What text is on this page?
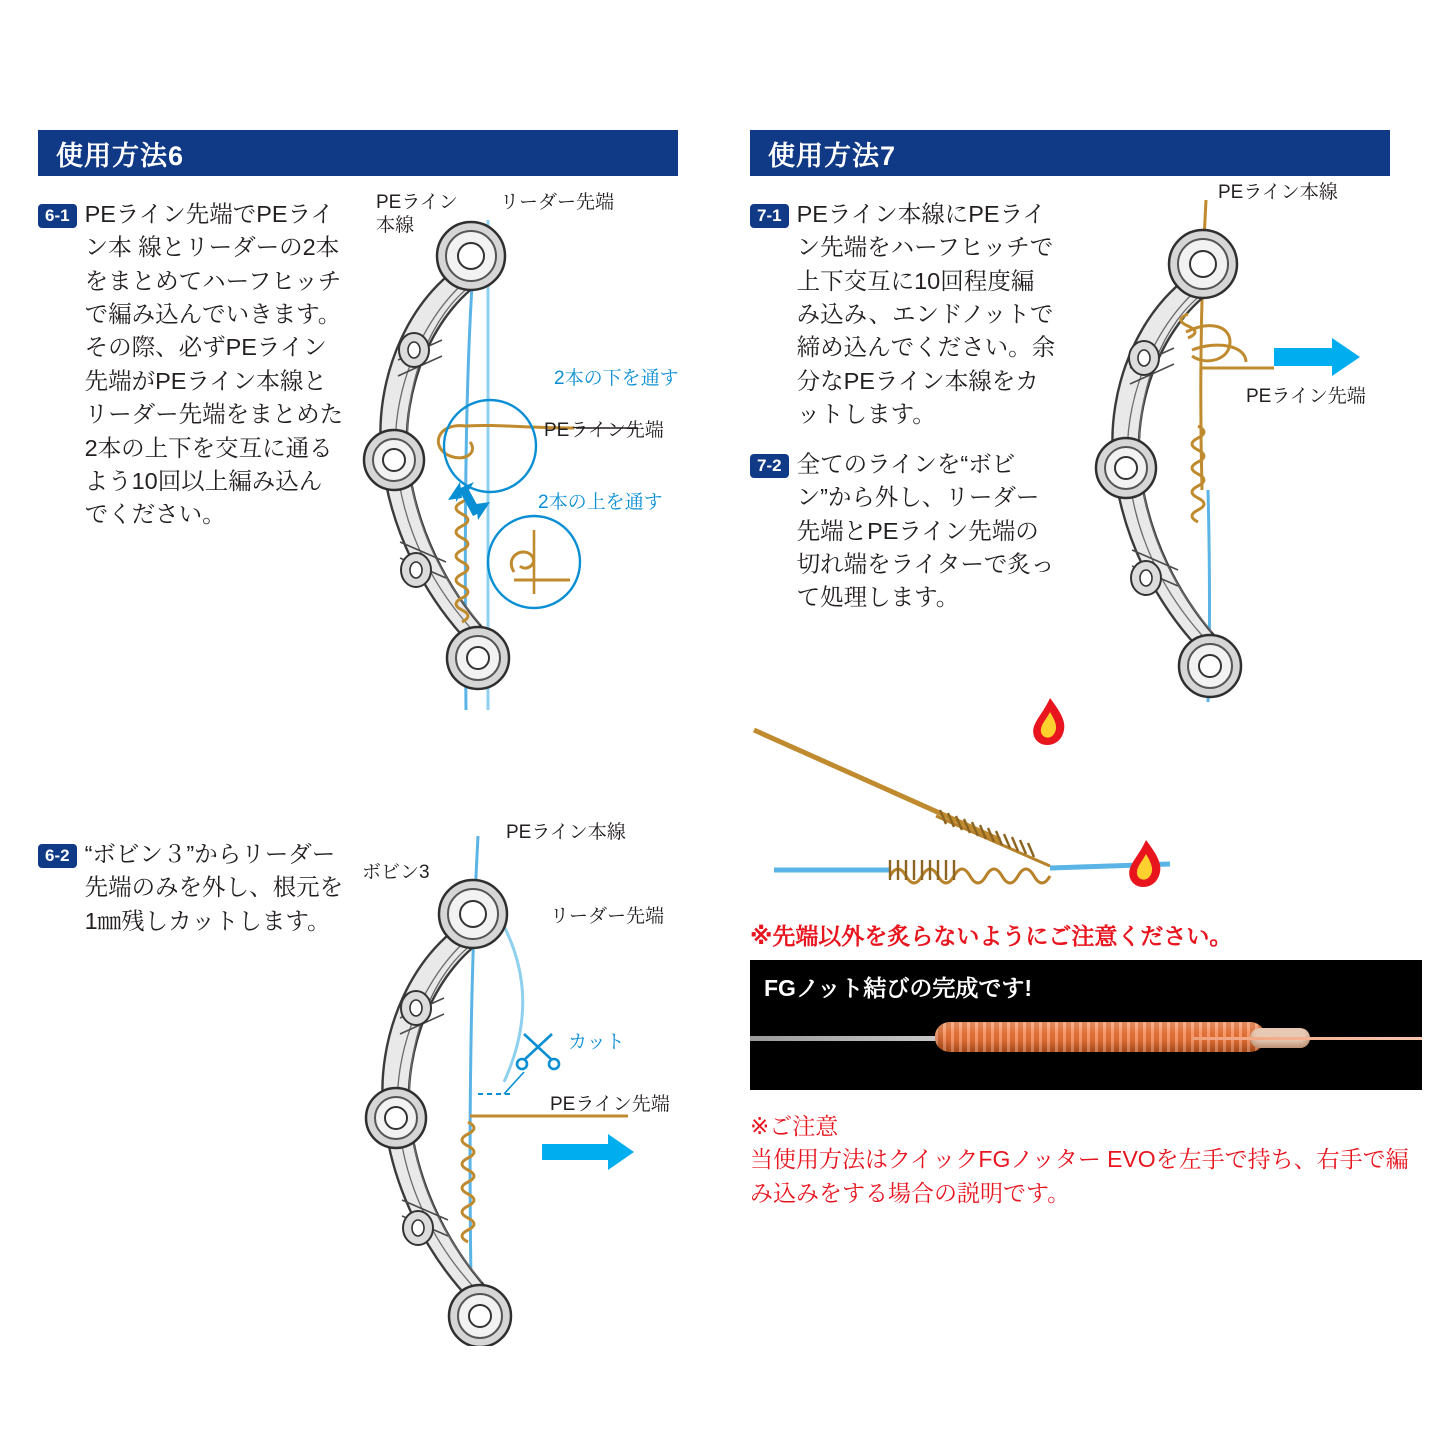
使用方法6
6-1 PEライン先端でPEライン本 線とリーダーの2本をまとめてハーフヒッチで編み込んでいきます。その際、必ずPEライン先端がPEライン本線とリーダー先端をまとめた2本の上下を交互に通るよう10回以上編み込んでください。
PEライン
本線
リーダー先端
2本の下を通す
2本の上を通す
PEライン先端
6-2 “ボビン３”からリーダー先端のみを外し、根元を1㎜残しカットします。
ボビン3
PEライン本線
リーダー先端
カット
PEライン先端
使用方法7
7-1 PEライン本線にPEライン先端をハーフヒッチで上下交互に10回程度編み込み、エンドノットで締め込んでください。余分なPEライン本線をカットします。
7-2 全てのラインを“ボビン”から外し、リーダー先端とPEライン先端の切れ端をライターで炙って処理します。
PEライン本線
PEライン先端
※先端以外を炙らないようにご注意ください。
FGノット結びの完成です!
※ご注意
当使用方法はクイックFGノッター EVOを左手で持ち、右手で編み込みをする場合の説明です。
